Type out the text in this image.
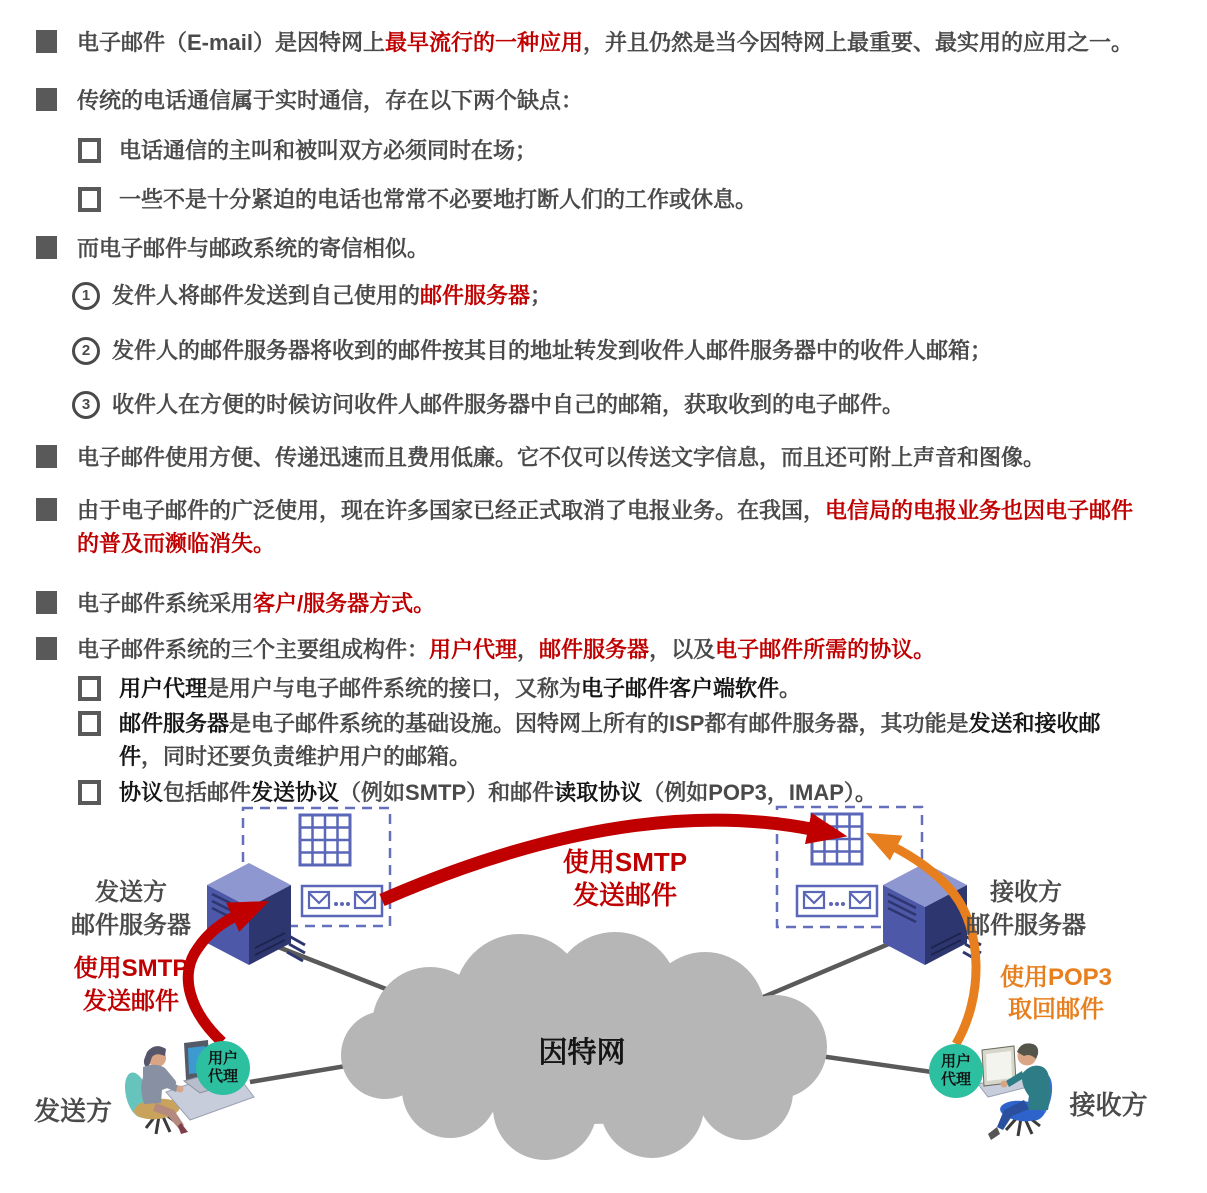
电子邮件（E-mail）是因特网上最早流行的一种应用，并且仍然是当今因特网上最重要、最实用的应用之一。
传统的电话通信属于实时通信，存在以下两个缺点：
电话通信的主叫和被叫双方必须同时在场；
一些不是十分紧迫的电话也常常不必要地打断人们的工作或休息。
而电子邮件与邮政系统的寄信相似。
1 发件人将邮件发送到自己使用的邮件服务器；
2 发件人的邮件服务器将收到的邮件按其目的地址转发到收件人邮件服务器中的收件人邮箱；
3 收件人在方便的时候访问收件人邮件服务器中自己的邮箱，获取收到的电子邮件。
电子邮件使用方便、传递迅速而且费用低廉。它不仅可以传送文字信息，而且还可附上声音和图像。
由于电子邮件的广泛使用，现在许多国家已经正式取消了电报业务。在我国，电信局的电报业务也因电子邮件的普及而濒临消失。
电子邮件系统采用客户/服务器方式。
电子邮件系统的三个主要组成构件：用户代理，邮件服务器，以及电子邮件所需的协议。
用户代理是用户与电子邮件系统的接口，又称为电子邮件客户端软件。
邮件服务器是电子邮件系统的基础设施。因特网上所有的ISP都有邮件服务器，其功能是发送和接收邮件，同时还要负责维护用户的邮箱。
协议包括邮件发送协议（例如SMTP）和邮件读取协议（例如POP3，IMAP）。
发送方
邮件服务器
使用SMTP
发送邮件
使用SMTP
发送邮件	接收方
邮件服务器
使用POP3
取回邮件
因特网
用户
代理
用户
代理
发送方	接收方
